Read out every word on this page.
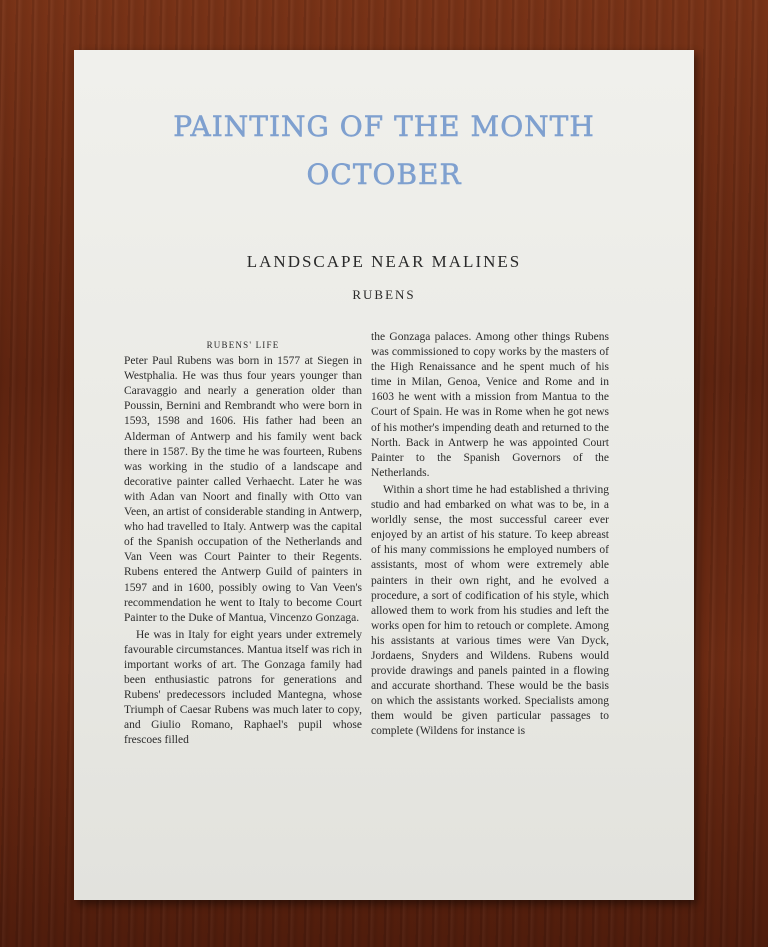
PAINTING OF THE MONTH
OCTOBER
LANDSCAPE NEAR MALINES
RUBENS
RUBENS' LIFE

Peter Paul Rubens was born in 1577 at Siegen in Westphalia. He was thus four years younger than Caravaggio and nearly a generation older than Poussin, Bernini and Rembrandt who were born in 1593, 1598 and 1606. His father had been an Alderman of Antwerp and his family went back there in 1587. By the time he was fourteen, Rubens was working in the studio of a landscape and decorative painter called Verhaecht. Later he was with Adan van Noort and finally with Otto van Veen, an artist of considerable standing in Antwerp, who had travelled to Italy. Antwerp was the capital of the Spanish occupation of the Netherlands and Van Veen was Court Painter to their Regents. Rubens entered the Antwerp Guild of painters in 1597 and in 1600, possibly owing to Van Veen's recommendation he went to Italy to become Court Painter to the Duke of Mantua, Vincenzo Gonzaga.

He was in Italy for eight years under extremely favourable circumstances. Mantua itself was rich in important works of art. The Gonzaga family had been enthusiastic patrons for generations and Rubens' predecessors included Mantegna, whose Triumph of Caesar Rubens was much later to copy, and Giulio Romano, Raphael's pupil whose frescoes filled

the Gonzaga palaces. Among other things Rubens was commissioned to copy works by the masters of the High Renaissance and he spent much of his time in Milan, Genoa, Venice and Rome and in 1603 he went with a mission from Mantua to the Court of Spain. He was in Rome when he got news of his mother's impending death and returned to the North. Back in Antwerp he was appointed Court Painter to the Spanish Governors of the Netherlands.

Within a short time he had established a thriving studio and had embarked on what was to be, in a worldly sense, the most successful career ever enjoyed by an artist of his stature. To keep abreast of his many commissions he employed numbers of assistants, most of whom were extremely able painters in their own right, and he evolved a procedure, a sort of codification of his style, which allowed them to work from his studies and left the works open for him to retouch or complete. Among his assistants at various times were Van Dyck, Jordaens, Snyders and Wildens. Rubens would provide drawings and panels painted in a flowing and accurate shorthand. These would be the basis on which the assistants worked. Specialists among them would be given particular passages to complete (Wildens for instance is
